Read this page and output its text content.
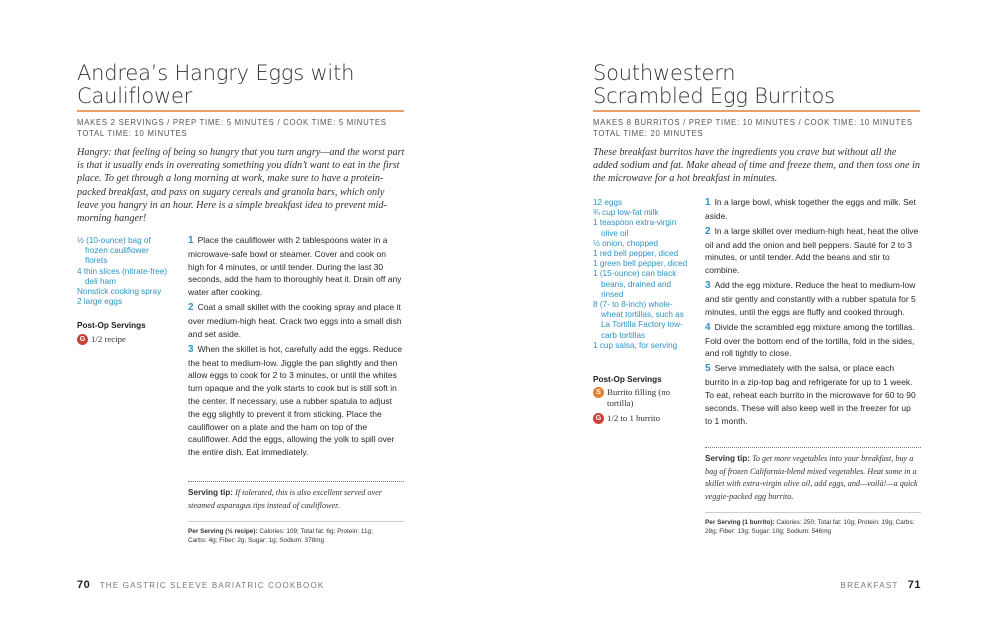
Andrea’s Hangry Eggs with
Cauliflower
MAKES 2 SERVINGS / PREP TIME: 5 MINUTES / COOK TIME: 5 MINUTES
TOTAL TIME: 10 MINUTES
Hangry: that feeling of being so hungry that you turn angry—and the worst part is that it usually ends in overeating something you didn’t want to eat in the first place. To get through a long morning at work, make sure to have a protein-packed breakfast, and pass on sugary cereals and granola bars, which only leave you hangry in an hour. Here is a simple breakfast idea to prevent mid-morning hanger!
½ (10-ounce) bag of frozen cauliflower florets
4 thin slices (nitrate-free) deli ham
Nonstick cooking spray
2 large eggs
Post-Op Servings
G 1/2 recipe
1 Place the cauliflower with 2 tablespoons water in a microwave-safe bowl or steamer. Cover and cook on high for 4 minutes, or until tender. During the last 30 seconds, add the ham to thoroughly heat it. Drain off any water after cooking.
2 Coat a small skillet with the cooking spray and place it over medium-high heat. Crack two eggs into a small dish and set aside.
3 When the skillet is hot, carefully add the eggs. Reduce the heat to medium-low. Jiggle the pan slightly and then allow eggs to cook for 2 to 3 minutes, or until the whites turn opaque and the yolk starts to cook but is still soft in the center. If necessary, use a rubber spatula to adjust the egg slightly to prevent it from sticking. Place the cauliflower on a plate and the ham on top of the cauliflower. Add the eggs, allowing the yolk to spill over the entire dish. Eat immediately.
Serving tip: If tolerated, this is also excellent served over steamed asparagus tips instead of cauliflower.
Per Serving (½ recipe): Calories: 109; Total fat: 6g; Protein: 11g; Carbs: 4g; Fiber: 2g; Sugar: 1g; Sodium: 378mg
70 THE GASTRIC SLEEVE BARIATRIC COOKBOOK
Southwestern
Scrambled Egg Burritos
MAKES 8 BURRITOS / PREP TIME: 10 MINUTES / COOK TIME: 10 MINUTES
TOTAL TIME: 20 MINUTES
These breakfast burritos have the ingredients you crave but without all the added sodium and fat. Make ahead of time and freeze them, and then toss one in the microwave for a hot breakfast in minutes.
12 eggs
¾ cup low-fat milk
1 teaspoon extra-virgin olive oil
½ onion, chopped
1 red bell pepper, diced
1 green bell pepper, diced
1 (15-ounce) can black beans, drained and rinsed
8 (7- to 8-inch) whole-wheat tortillas, such as La Tortilla Factory low-carb tortillas
1 cup salsa, for serving
Post-Op Servings
S Burrito filling (no tortilla)
G 1/2 to 1 burrito
1 In a large bowl, whisk together the eggs and milk. Set aside.
2 In a large skillet over medium-high heat, heat the olive oil and add the onion and bell peppers. Sauté for 2 to 3 minutes, or until tender. Add the beans and stir to combine.
3 Add the egg mixture. Reduce the heat to medium-low and stir gently and constantly with a rubber spatula for 5 minutes, until the eggs are fluffy and cooked through.
4 Divide the scrambled egg mixture among the tortillas. Fold over the bottom end of the tortilla, fold in the sides, and roll tightly to close.
5 Serve immediately with the salsa, or place each burrito in a zip-top bag and refrigerate for up to 1 week. To eat, reheat each burrito in the microwave for 60 to 90 seconds. These will also keep well in the freezer for up to 1 month.
Serving tip: To get more vegetables into your breakfast, buy a bag of frozen California-blend mixed vegetables. Heat some in a skillet with extra-virgin olive oil, add eggs, and—voilà!—a quick veggie-packed egg burrito.
Per Serving (1 burrito): Calories: 250; Total fat: 10g; Protein: 19g; Carbs: 28g; Fiber: 13g; Sugar: 10g; Sodium: 546mg
BREAKFAST 71
